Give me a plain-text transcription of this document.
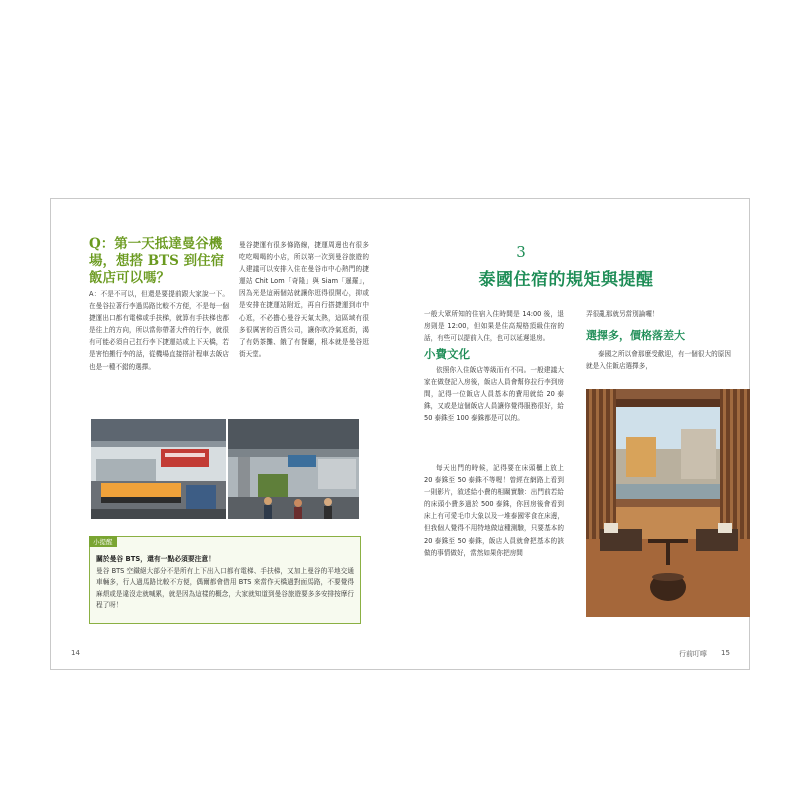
Q：第一天抵達曼谷機場，想搭 BTS 到住宿飯店可以嗎？
A：不是不可以，但還是要提前跟大家說一下。在曼谷拉著行李過馬路比較不方便，不是每一個捷運出口都有電梯或手扶梯，就算有手扶梯也都是往上的方向，所以當你帶著大件的行李，就很有可能必須自己扛行李下捷運站或上下天橋，若是害怕搬行李的話，從機場直接搭計程車去飯店也是一種不錯的選擇。
曼谷捷運有很多條路線，捷運周邊也有很多吃吃喝喝的小店，所以第一次到曼谷旅遊的人建議可以安排入住在曼谷市中心熱門的捷運站 Chit Lom「奇隆」與 Siam「暹羅」，因為光是這兩個站就讓你逛得很開心，抑或是安排在捷運站附近，再自行搭捷運到市中心逛，不必擔心曼谷天氣太熱，這區域有很多很厲害的百貨公司，讓你吹冷氣逛街，渴了有奶茶攤、餓了有餐廳，根本就是曼谷逛街天堂。
小提醒
關於曼谷 BTS，還有一點必須要注意！
曼谷 BTS 空鐵絕大部分不是所有上下出入口都有電梯、手扶梯，又加上曼谷的平地交通車輛多，行人過馬路比較不方便，偶爾都會借用 BTS 來當作天橋過對面馬路，不要覺得麻煩或是違沒走就喊累，就是因為這樣的概念，大家就知道到曼谷旅遊要多多安排按摩行程了呀！
14
3
泰國住宿的規矩與提醒
一般大眾所知的住宿入住時間是 14:00 後，退房則是 12:00，但如果是住高規格頂級住宿的話，有些可以提前入住，也可以延遲退房。
小費文化
依照你入住飯店等級而有不同。一般建議大家在做登記入房後，飯店人員會幫你拉行李到房間，記得一位飯店人員基本的費用就給 20 泰銖，又或是這個飯店人員讓你覺得服務很好，給 50 泰銖至 100 泰銖都是可以的。
每天出門的時候，記得要在床頭櫃上放上 20 泰銖至 50 泰銖不等喔！曾經在網路上看到一則影片，敘述給小費的相關實驗：出門前若給的床頭小費多過於 500 泰銖，你回房後會看到床上有可愛毛巾大象以及一堆泰國零食在床邊，但我個人覺得不用特地做這種測驗，只要基本的 20 泰銖至 50 泰銖，飯店人員就會把基本的該做的事情做好，當然如果你把房間
弄很亂那就另當別論囉！
選擇多，價格落差大
泰國之所以會那麼受歡迎，有一個很大的原因就是入住飯店選擇多，
行前叮嚀 15
